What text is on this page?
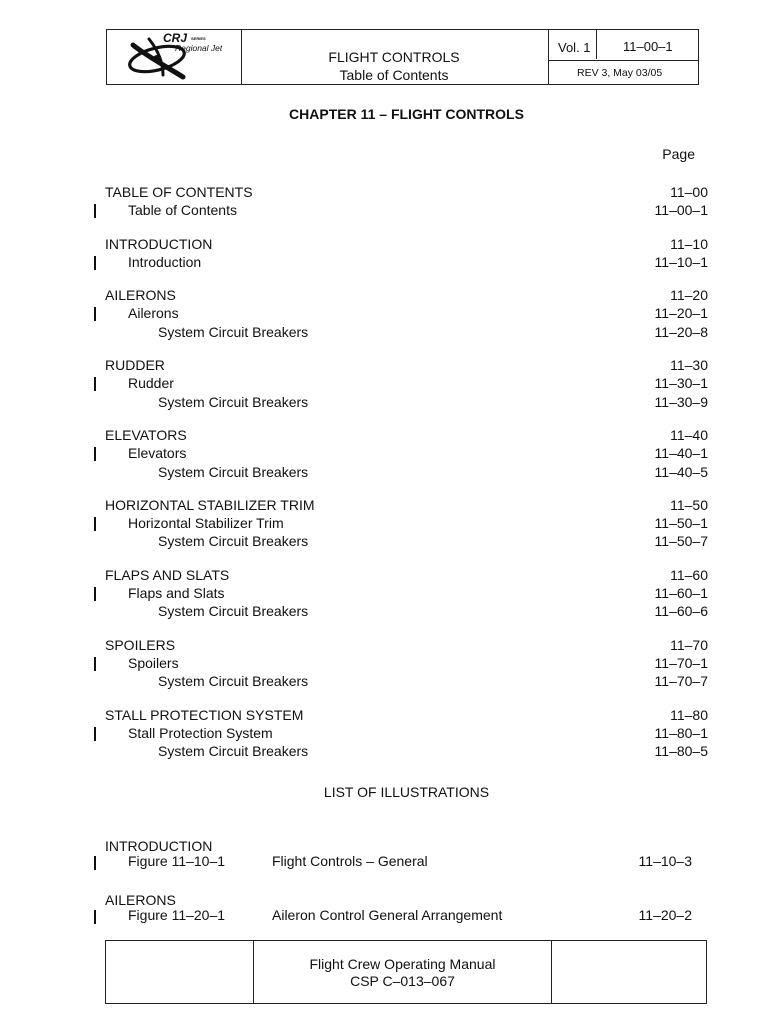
CRJ SERIES
Regional Jet
FLIGHT CONTROLS
Table of Contents
Vol. 1 11–00–1
REV 3, May 03/05
CHAPTER 11 – FLIGHT CONTROLS
Page
TABLE OF CONTENTS	11–00
Table of Contents	11–00–1
INTRODUCTION	11–10
Introduction	11–10–1
AILERONS	11–20
Ailerons	11–20–1
System Circuit Breakers	11–20–8
RUDDER	11–30
Rudder	11–30–1
System Circuit Breakers	11–30–9
ELEVATORS	11–40
Elevators	11–40–1
System Circuit Breakers	11–40–5
HORIZONTAL STABILIZER TRIM	11–50
Horizontal Stabilizer Trim	11–50–1
System Circuit Breakers	11–50–7
FLAPS AND SLATS	11–60
Flaps and Slats	11–60–1
System Circuit Breakers	11–60–6
SPOILERS	11–70
Spoilers	11–70–1
System Circuit Breakers	11–70–7
STALL PROTECTION SYSTEM	11–80
Stall Protection System	11–80–1
System Circuit Breakers	11–80–5
LIST OF ILLUSTRATIONS
INTRODUCTION
Figure 11–10–1	Flight Controls – General	11–10–3
AILERONS
Figure 11–20–1	Aileron Control General Arrangement	11–20–2
Flight Crew Operating Manual
CSP C–013–067
